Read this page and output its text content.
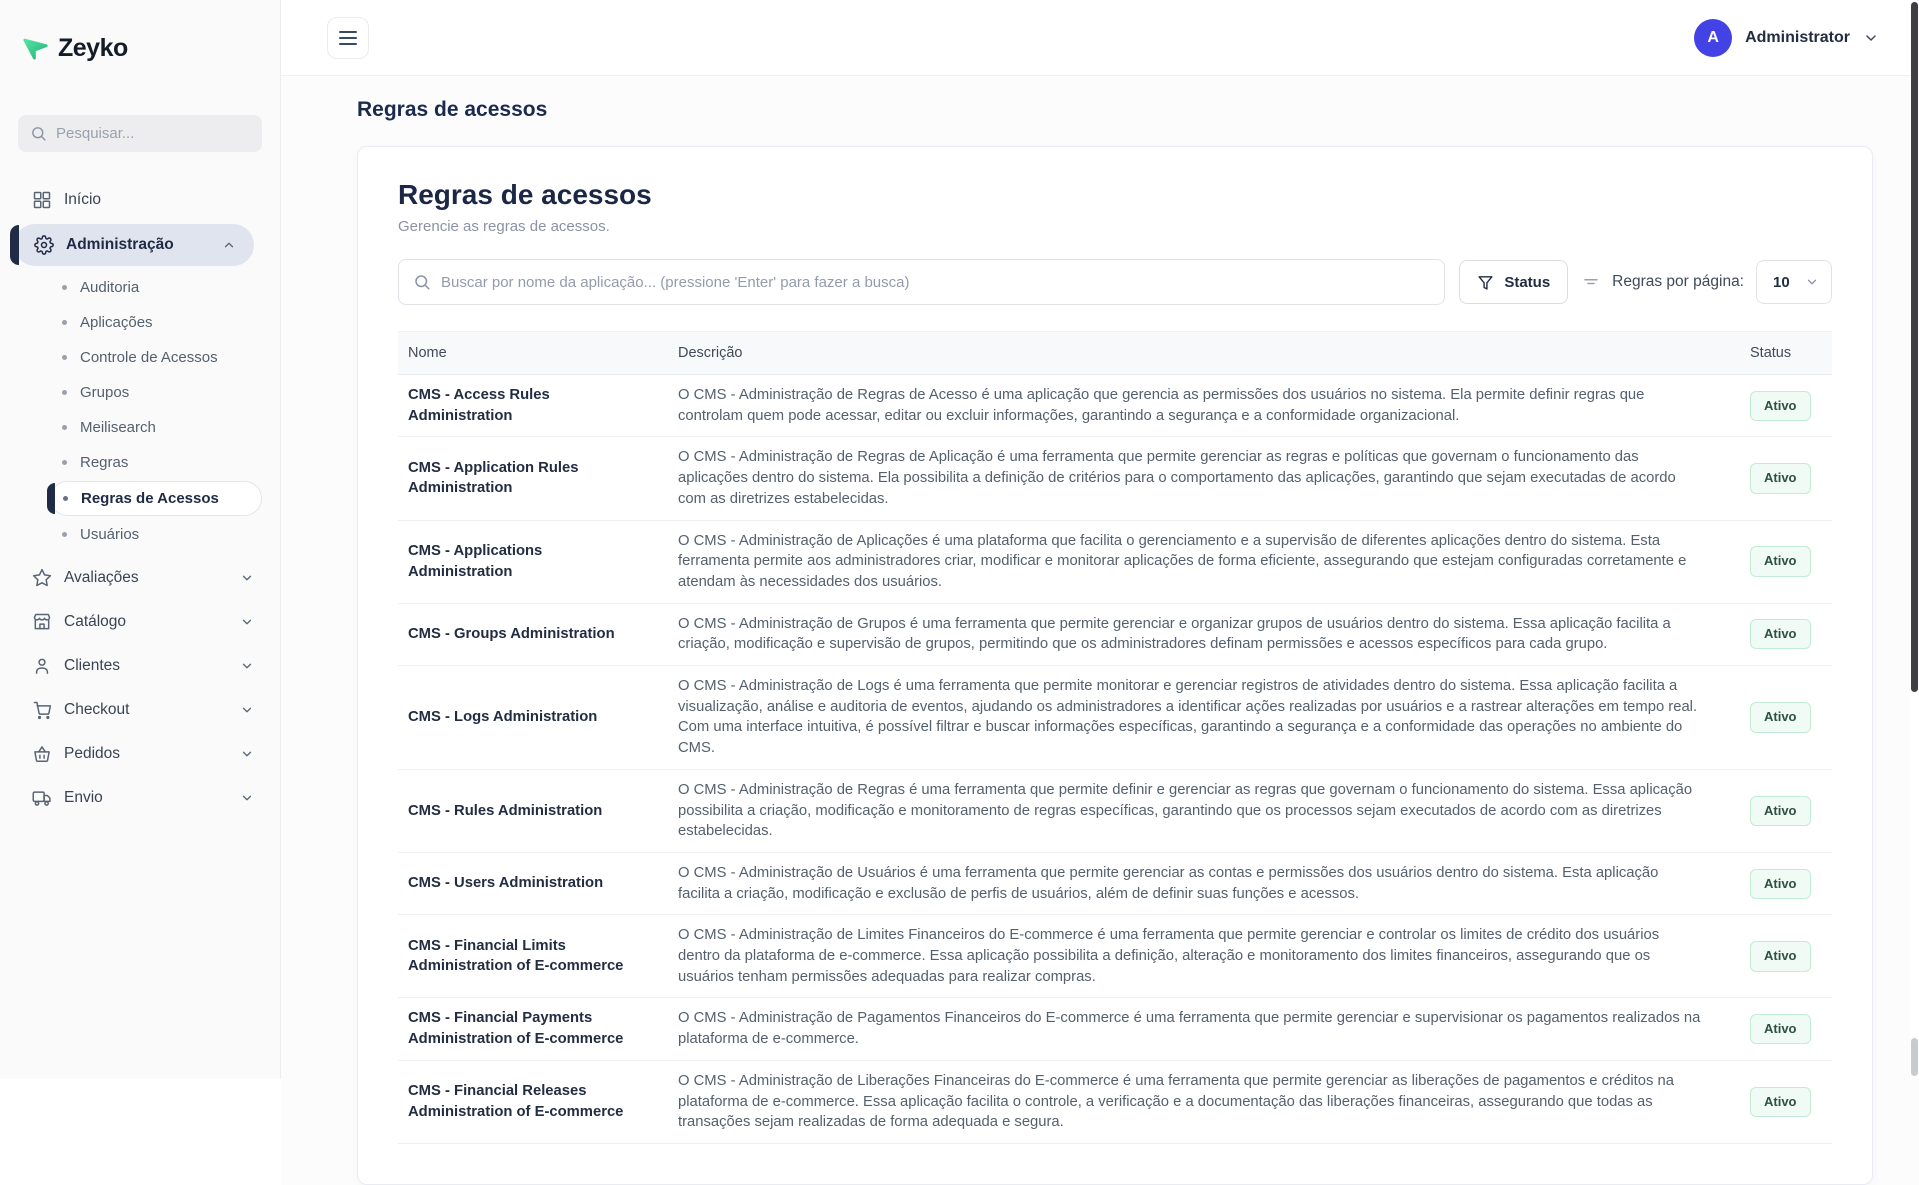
Zeyko
Pesquisar...
Início
Administração
Auditoria
Aplicações
Controle de Acessos
Grupos
Meilisearch
Regras
Regras de Acessos
Usuários
Avaliações
Catálogo
Clientes
Checkout
Pedidos
Envio
A	Administrator
Regras de acessos
Regras de acessos

Gerencie as regras de acessos.

Buscar por nome da aplicação... (pressione 'Enter' para fazer a busca)
Status	Regras por página: 10
Nome	Descrição	Status
CMS - Access Rules Administration	O CMS - Administração de Regras de Acesso é uma aplicação que gerencia as permissões dos usuários no sistema. Ela permite definir regras que controlam quem pode acessar, editar ou excluir informações, garantindo a segurança e a conformidade organizacional.	Ativo
CMS - Application Rules Administration	O CMS - Administração de Regras de Aplicação é uma ferramenta que permite gerenciar as regras e políticas que governam o funcionamento das aplicações dentro do sistema. Ela possibilita a definição de critérios para o comportamento das aplicações, garantindo que sejam executadas de acordo com as diretrizes estabelecidas.	Ativo
CMS - Applications Administration	O CMS - Administração de Aplicações é uma plataforma que facilita o gerenciamento e a supervisão de diferentes aplicações dentro do sistema. Esta ferramenta permite aos administradores criar, modificar e monitorar aplicações de forma eficiente, assegurando que estejam configuradas corretamente e atendam às necessidades dos usuários.	Ativo
CMS - Groups Administration	O CMS - Administração de Grupos é uma ferramenta que permite gerenciar e organizar grupos de usuários dentro do sistema. Essa aplicação facilita a criação, modificação e supervisão de grupos, permitindo que os administradores definam permissões e acessos específicos para cada grupo.	Ativo
CMS - Logs Administration	O CMS - Administração de Logs é uma ferramenta que permite monitorar e gerenciar registros de atividades dentro do sistema. Essa aplicação facilita a visualização, análise e auditoria de eventos, ajudando os administradores a identificar ações realizadas por usuários e a rastrear alterações em tempo real. Com uma interface intuitiva, é possível filtrar e buscar informações específicas, garantindo a segurança e a conformidade das operações no ambiente do CMS.	Ativo
CMS - Rules Administration	O CMS - Administração de Regras é uma ferramenta que permite definir e gerenciar as regras que governam o funcionamento do sistema. Essa aplicação possibilita a criação, modificação e monitoramento de regras específicas, garantindo que os processos sejam executados de acordo com as diretrizes estabelecidas.	Ativo
CMS - Users Administration	O CMS - Administração de Usuários é uma ferramenta que permite gerenciar as contas e permissões dos usuários dentro do sistema. Esta aplicação facilita a criação, modificação e exclusão de perfis de usuários, além de definir suas funções e acessos.	Ativo
CMS - Financial Limits Administration of E-commerce	O CMS - Administração de Limites Financeiros do E-commerce é uma ferramenta que permite gerenciar e controlar os limites de crédito dos usuários dentro da plataforma de e-commerce. Essa aplicação possibilita a definição, alteração e monitoramento dos limites financeiros, assegurando que os usuários tenham permissões adequadas para realizar compras.	Ativo
CMS - Financial Payments Administration of E-commerce	O CMS - Administração de Pagamentos Financeiros do E-commerce é uma ferramenta que permite gerenciar e supervisionar os pagamentos realizados na plataforma de e-commerce.	Ativo
CMS - Financial Releases Administration of E-commerce	O CMS - Administração de Liberações Financeiras do E-commerce é uma ferramenta que permite gerenciar as liberações de pagamentos e créditos na plataforma de e-commerce. Essa aplicação facilita o controle, a verificação e a documentação das liberações financeiras, assegurando que todas as transações sejam realizadas de forma adequada e segura.	Ativo
